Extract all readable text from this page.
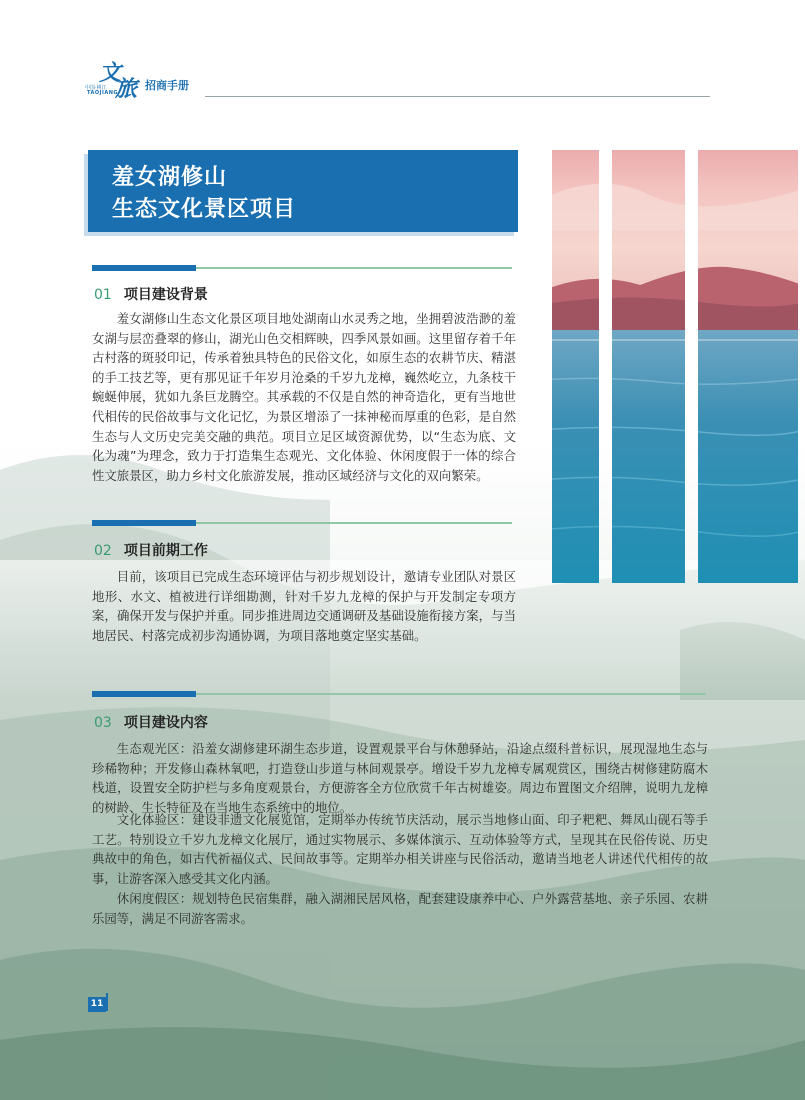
文
旅
中国·桃江
TAOJIANG
招商手册
羞女湖修山
生态文化景区项目
01 项目建设背景

羞女湖修山生态文化景区项目地处湖南山水灵秀之地，坐拥碧波浩渺的羞女湖与层峦叠翠的修山，湖光山色交相辉映，四季风景如画。这里留存着千年古村落的斑驳印记，传承着独具特色的民俗文化，如原生态的农耕节庆、精湛的手工技艺等，更有那见证千年岁月沧桑的千岁九龙樟，巍然屹立，九条枝干蜿蜒伸展，犹如九条巨龙腾空。其承载的不仅是自然的神奇造化，更有当地世代相传的民俗故事与文化记忆，为景区增添了一抹神秘而厚重的色彩，是自然生态与人文历史完美交融的典范。项目立足区域资源优势，以“生态为底、文化为魂”为理念，致力于打造集生态观光、文化体验、休闲度假于一体的综合性文旅景区，助力乡村文化旅游发展，推动区域经济与文化的双向繁荣。

02 项目前期工作

目前，该项目已完成生态环境评估与初步规划设计，邀请专业团队对景区地形、水文、植被进行详细勘测，针对千岁九龙樟的保护与开发制定专项方案，确保开发与保护并重。同步推进周边交通调研及基础设施衔接方案，与当地居民、村落完成初步沟通协调，为项目落地奠定坚实基础。

03 项目建设内容

生态观光区：沿羞女湖修建环湖生态步道，设置观景平台与休憩驿站，沿途点缀科普标识，展现湿地生态与珍稀物种；开发修山森林氧吧，打造登山步道与林间观景亭。增设千岁九龙樟专属观赏区，围绕古树修建防腐木栈道，设置安全防护栏与多角度观景台，方便游客全方位欣赏千年古树雄姿。周边布置图文介绍牌，说明九龙樟的树龄、生长特征及在当地生态系统中的地位。

文化体验区：建设非遗文化展览馆，定期举办传统节庆活动，展示当地修山面、印子粑粑、舞凤山砚石等手工艺。特别设立千岁九龙樟文化展厅，通过实物展示、多媒体演示、互动体验等方式，呈现其在民俗传说、历史典故中的角色，如古代祈福仪式、民间故事等。定期举办相关讲座与民俗活动，邀请当地老人讲述代代相传的故事，让游客深入感受其文化内涵。

休闲度假区：规划特色民宿集群，融入湖湘民居风格，配套建设康养中心、户外露营基地、亲子乐园、农耕乐园等，满足不同游客需求。

11
